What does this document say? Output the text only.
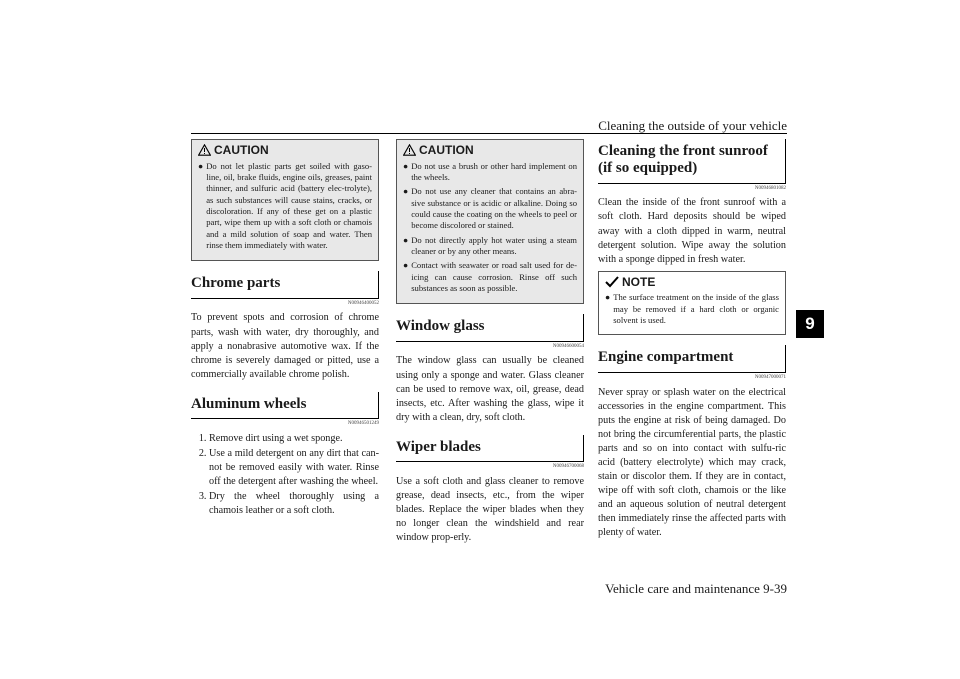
Cleaning the outside of your vehicle
9
Vehicle care and maintenance 9-39
CAUTION
● Do not let plastic parts get soiled with gaso-line, oil, brake fluids, engine oils, greases, paint thinner, and sulfuric acid (battery elec-trolyte), as such substances will cause stains, cracks, or discoloration. If any of these get on a plastic part, wipe them up with a soft cloth or chamois and a mild solution of soap and water. Then rinse them immediately with water.
Chrome parts
N00946400052

To prevent spots and corrosion of chrome parts, wash with water, dry thoroughly, and apply a nonabrasive automotive wax. If the chrome is severely damaged or pitted, use a commercially available chrome polish.

Aluminum wheels
N00946501249
1. Remove dirt using a wet sponge.
2. Use a mild detergent on any dirt that can-not be removed easily with water. Rinse off the detergent after washing the wheel.
3. Dry the wheel thoroughly using a chamois leather or a soft cloth.
CAUTION
● Do not use a brush or other hard implement on the wheels.
● Do not use any cleaner that contains an abra-sive substance or is acidic or alkaline. Doing so could cause the coating on the wheels to peel or become discolored or stained.
● Do not directly apply hot water using a steam cleaner or by any other means.
● Contact with seawater or road salt used for de-icing can cause corrosion. Rinse off such substances as soon as possible.
Window glass
N00946600054

The window glass can usually be cleaned using only a sponge and water. Glass cleaner can be used to remove wax, oil, grease, dead insects, etc. After washing the glass, wipe it dry with a clean, dry, soft cloth.

Wiper blades
N00946700068

Use a soft cloth and glass cleaner to remove grease, dead insects, etc., from the wiper blades. Replace the wiper blades when they no longer clean the windshield and rear window prop-erly.

Cleaning the front sunroof (if so equipped)
N00946801082

Clean the inside of the front sunroof with a soft cloth. Hard deposits should be wiped away with a cloth dipped in warm, neutral detergent solution. Wipe away the solution with a sponge dipped in fresh water.

NOTE
● The surface treatment on the inside of the glass may be removed if a hard cloth or organic solvent is used.
Engine compartment
N00947000071

Never spray or splash water on the electrical accessories in the engine compartment. This puts the engine at risk of being damaged. Do not bring the circumferential parts, the plastic parts and so on into contact with sulfu-ric acid (battery electrolyte) which may crack, stain or discolor them. If they are in contact, wipe off with soft cloth, chamois or the like and an aqueous solution of neutral detergent then immediately rinse the affected parts with plenty of water.
